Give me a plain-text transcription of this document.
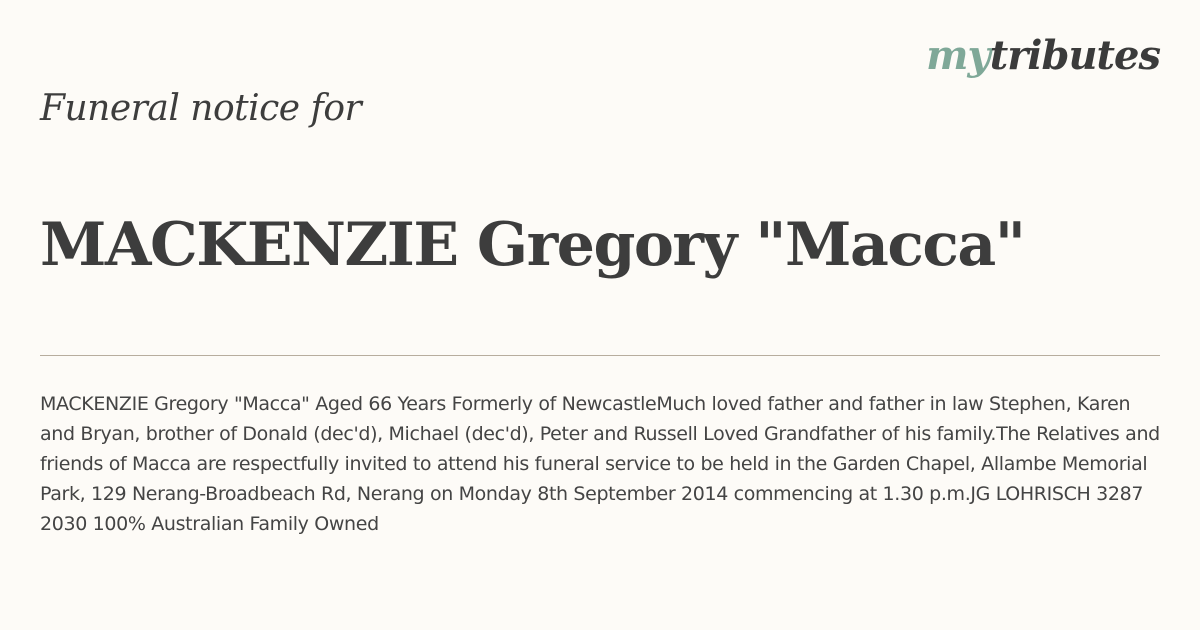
mytributes
Funeral notice for
MACKENZIE Gregory "Macca"
MACKENZIE Gregory "Macca" Aged 66 Years Formerly of NewcastleMuch loved father and father in law Stephen, Karen and Bryan, brother of Donald (dec'd), Michael (dec'd), Peter and Russell Loved Grandfather of his family.The Relatives and friends of Macca are respectfully invited to attend his funeral service to be held in the Garden Chapel, Allambe Memorial Park, 129 Nerang-Broadbeach Rd, Nerang on Monday 8th September 2014 commencing at 1.30 p.m.JG LOHRISCH 3287 2030 100% Australian Family Owned
